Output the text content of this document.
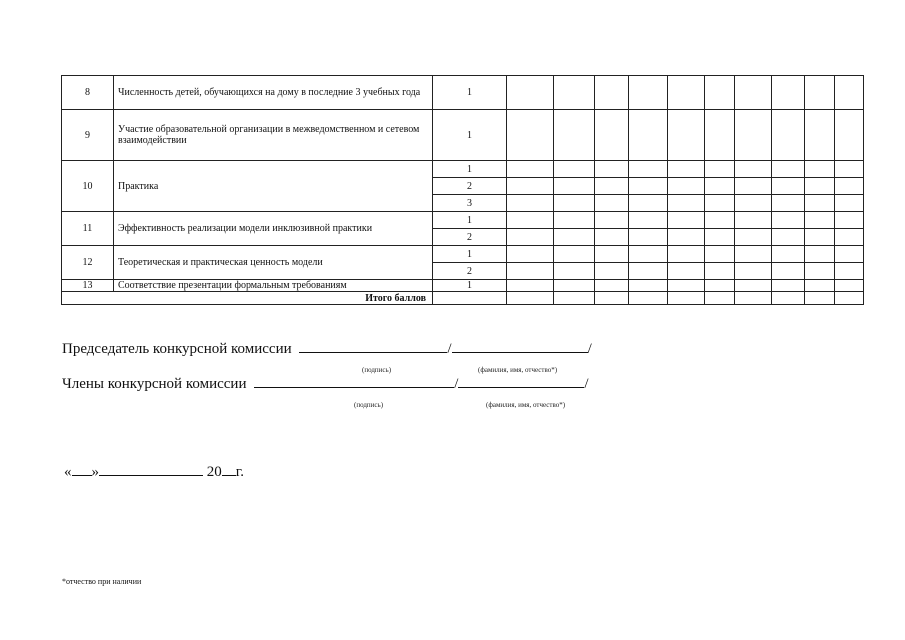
8	Численность детей, обучающихся на дому в последние 3 учебных года	1										
9	Участие образовательной организации в межведомственном и сетевом взаимодействии	1										
10	Практика	1										
		2										
		3										
11	Эффективность реализации модели инклюзивной практики	1										
		2										
12	Теоретическая и практическая ценность модели	1										
		2										
13	Соответствие презентации формальным требованиям	1										
Итого баллов												
Председатель конкурсной комиссии	/	/
(подпись)	(фамилия, имя, отчество*)
Члены конкурсной комиссии	/	/
(подпись)	(фамилия, имя, отчество*)
« »	20 г.
*отчество при наличии
